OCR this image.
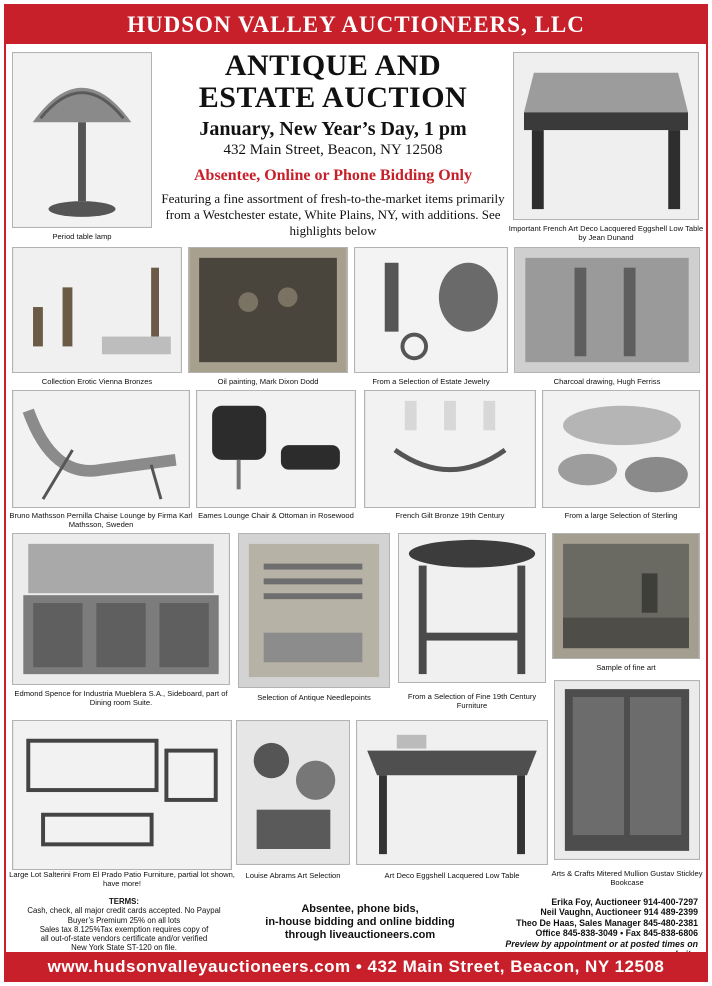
HUDSON VALLEY AUCTIONEERS, LLC
ANTIQUE AND
ESTATE AUCTION
January, New Year’s Day, 1 pm
432 Main Street, Beacon, NY 12508
Absentee, Online or Phone Bidding Only
Featuring a fine assortment of fresh-to-the-market items primarily from a Westchester estate, White Plains, NY, with additions. See highlights below
Period table lamp
Important French Art Deco Lacquered Eggshell Low Table by Jean Dunand
Collection Erotic Vienna Bronzes	Oil painting, Mark Dixon Dodd	From a Selection of Estate Jewelry	Charcoal drawing, Hugh Ferriss
Bruno Mathsson Pernilla Chaise Lounge by Firma Karl Mathsson, Sweden
Eames Lounge Chair & Ottoman in Rosewood	French Gilt Bronze 19th Century	From a large Selection of Sterling
Edmond Spence for Industria Mueblera S.A., Sideboard, part of Dining room Suite.
Selection of Antique Needlepoints	From a Selection of Fine 19th Century Furniture
Sample of fine art
Large Lot Salterini From El Prado Patio Furniture, partial lot shown, have more!
Louise Abrams Art Selection	Art Deco Eggshell Lacquered Low Table	Arts & Crafts Mitered Mullion Gustav Stickley Bookcase
TERMS:
Cash, check, all major credit cards accepted. No Paypal
Buyer’s Premium 25% on all lots
Sales tax 8.125%Tax exemption requires copy of
all out-of-state vendors certificate and/or verified
New York State ST-120 on file.
Absentee, phone bids,
in-house bidding and online bidding
through liveauctioneers.com
Erika Foy, Auctioneer 914-400-7297
Neil Vaughn, Auctioneer 914 489-2399
Theo De Haas, Sales Manager 845-480-2381
Office 845-838-3049 • Fax 845-838-6806
Preview by appointment or at posted times on
www.hudsonvalleyauctioneers.com • 432 Main Street, Beacon, NY 12508
